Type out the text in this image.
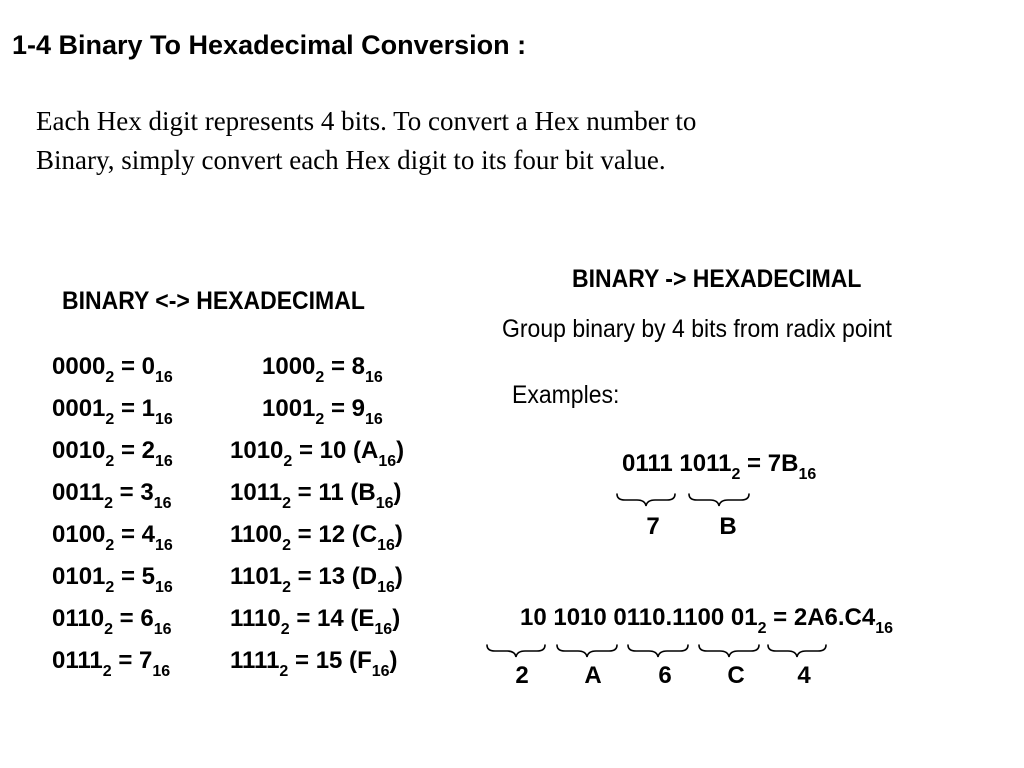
1-4 Binary To Hexadecimal Conversion :

Each Hex digit represents 4 bits. To convert a Hex number to

Binary, simply convert each Hex digit to its four bit value.

BINARY <-> HEXADECIMAL
$0000_2 = 0_{16}$	$1000_2 = 8_{16}$
$0001_2 = 1_{16}$	$1001_2 = 9_{16}$
$0010_2 = 2_{16}$ $1010_2 = 10$ $(A_{16})$
$0011_2 = 3_{16}$ $1011_2 = 11$ $(B_{16})$
$0100_2 = 4_{16}$ $1100_2 = 12$ $(C_{16})$
$0101_2 = 5_{16}$ $1101_2 = 13$ $(D_{16})$
$0110_2 = 6_{16}$ $1110_2 = 14$ $(E_{16})$
$0111_2 = 7_{16}$ $1111_2 = 15$ $(F_{16})$
BINARY -> HEXADECIMAL
Group binary by 4 bits from radix point
Examples:
0111 $1011_2 = 7B_{16}$
7	B
10 1010 0110.1100 $01_2 = 2A6.C4_{16}$
2	A	6	C	4
